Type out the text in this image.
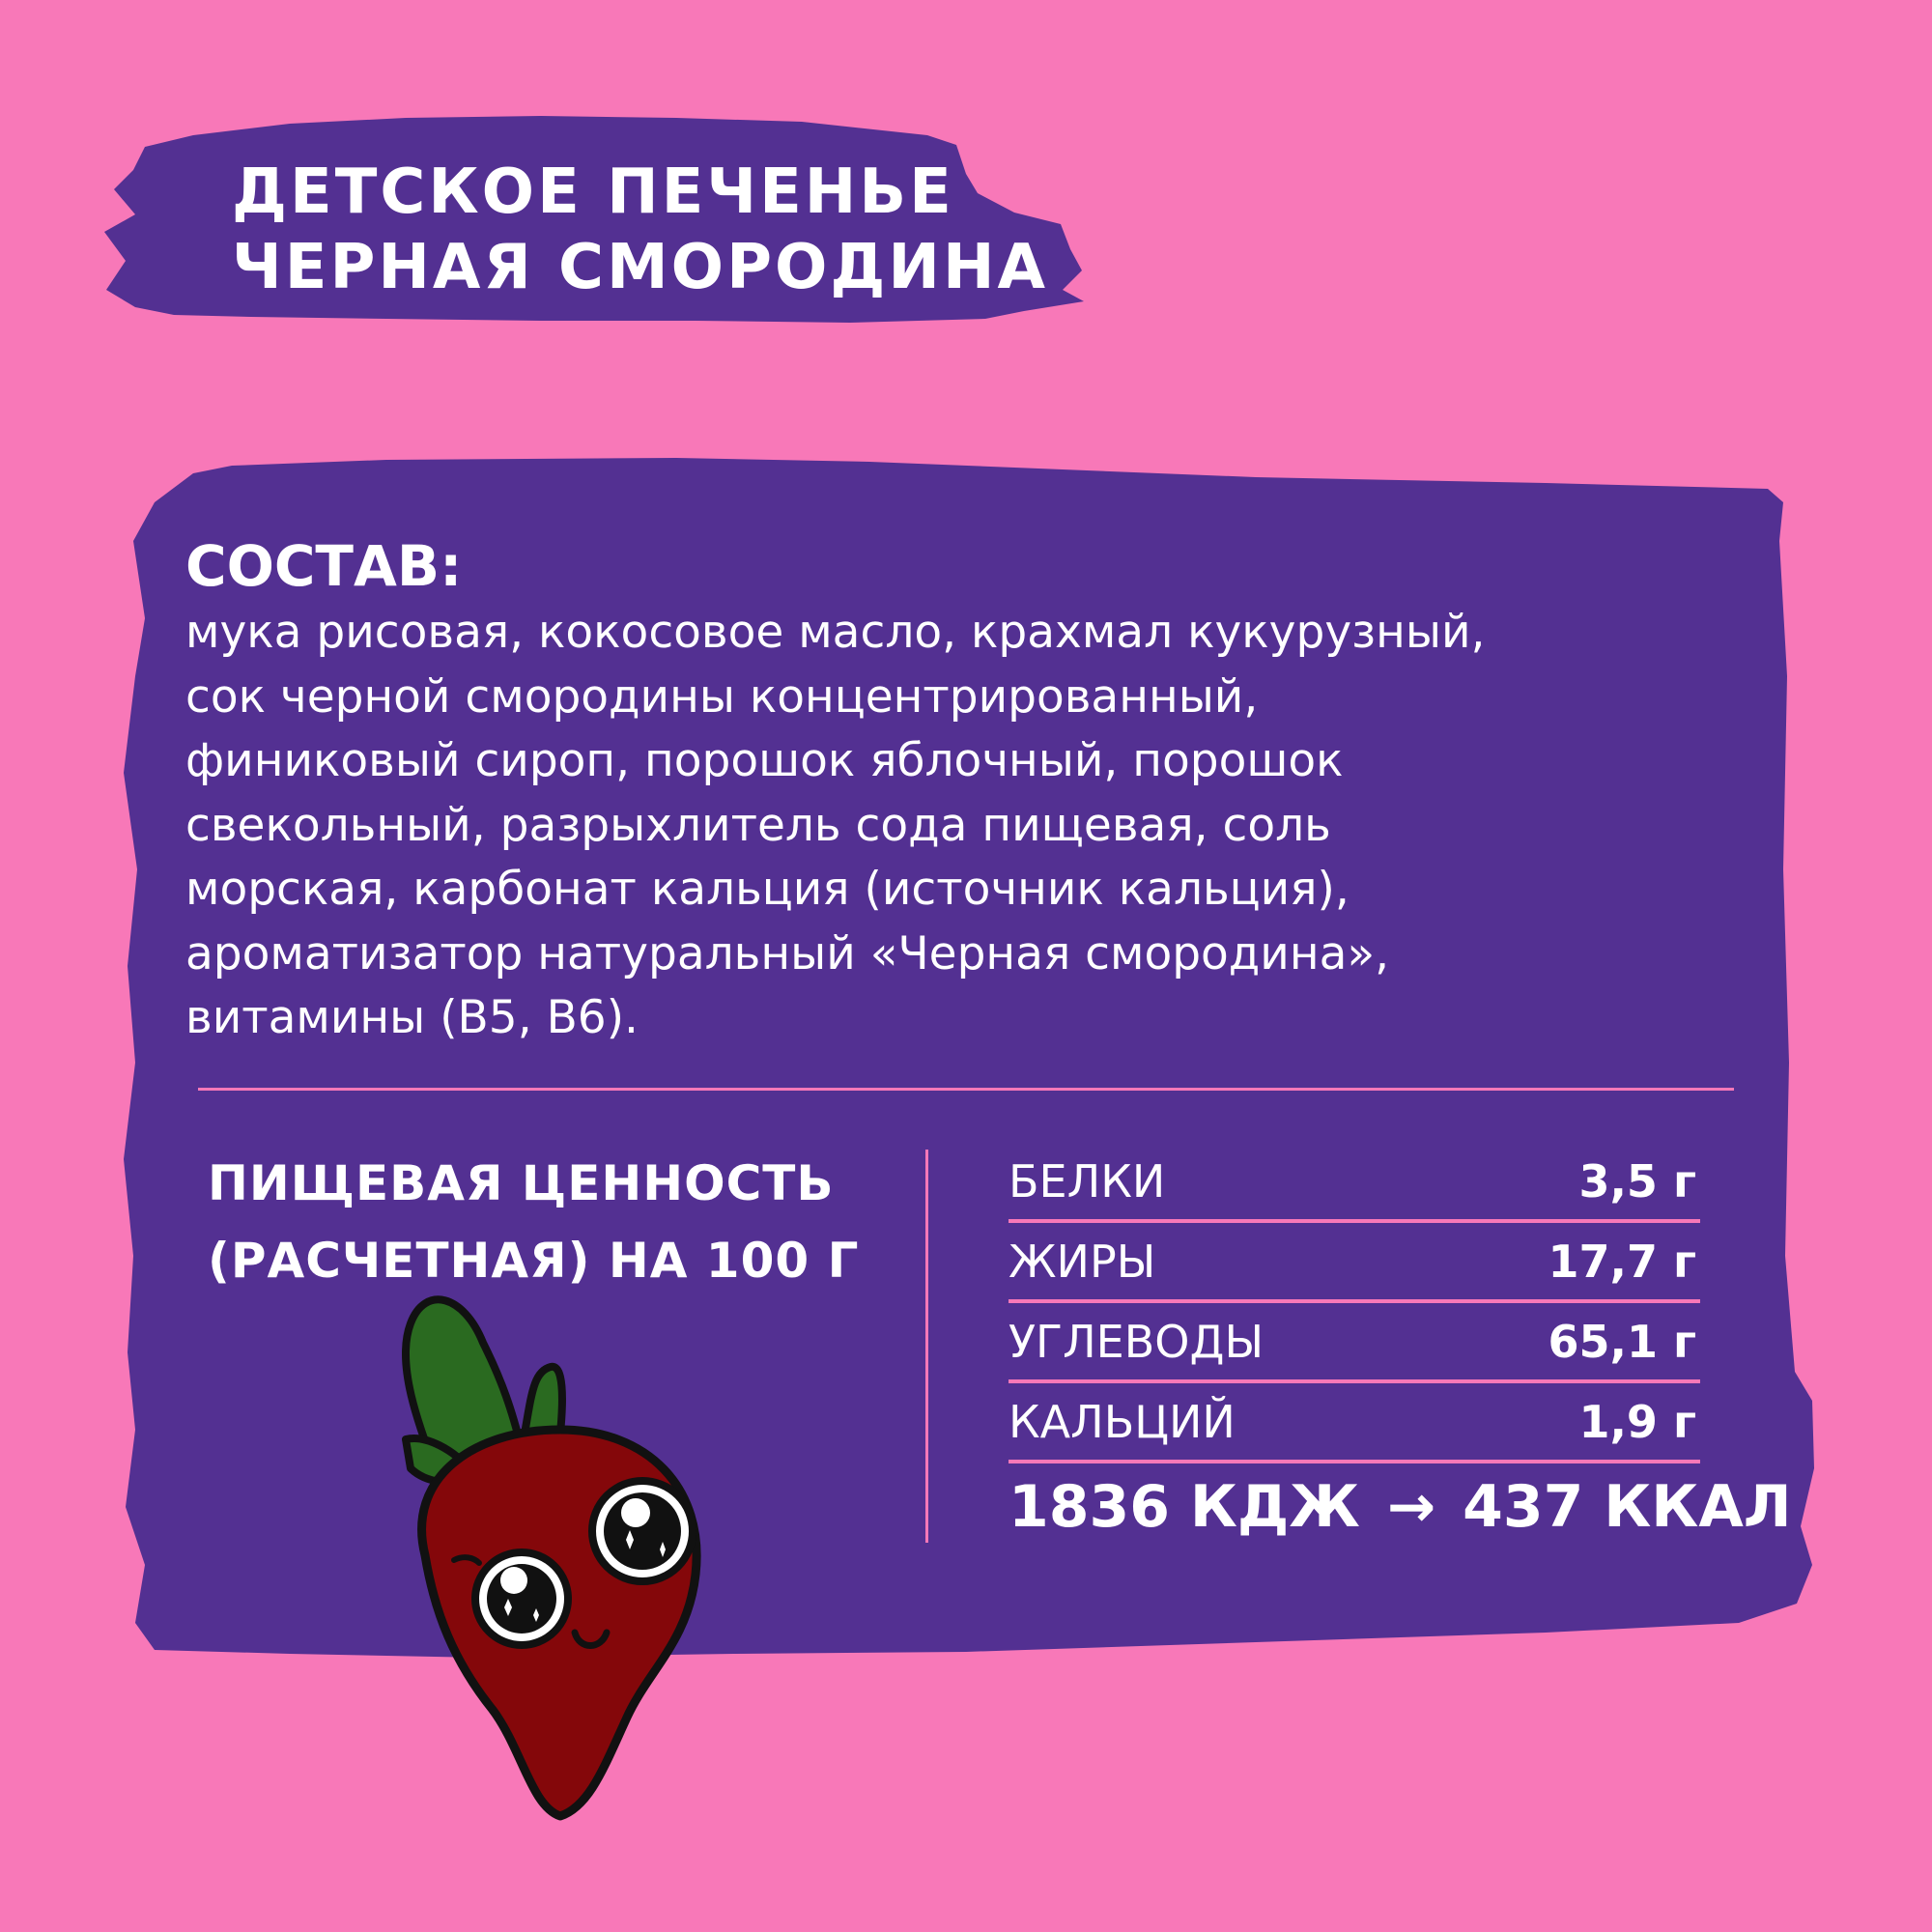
ДЕТСКОЕ ПЕЧЕНЬЕ
ЧЕРНАЯ СМОРОДИНА
СОСТАВ:
мука рисовая, кокосовое масло, крахмал кукурузный,
сок черной смородины концентрированный,
финиковый сироп, порошок яблочный, порошок
свекольный, разрыхлитель сода пищевая, соль
морская, карбонат кальция (источник кальция),
ароматизатор натуральный «Черная смородина»,
витамины (B5, B6).
ПИЩЕВАЯ ЦЕННОСТЬ
(РАСЧЕТНАЯ) НА 100 Г
БЕЛКИ	3,5 г
ЖИРЫ	17,7 г
УГЛЕВОДЫ	65,1 г
КАЛЬЦИЙ	1,9 г
1836 КДЖ → 437 ККАЛ
